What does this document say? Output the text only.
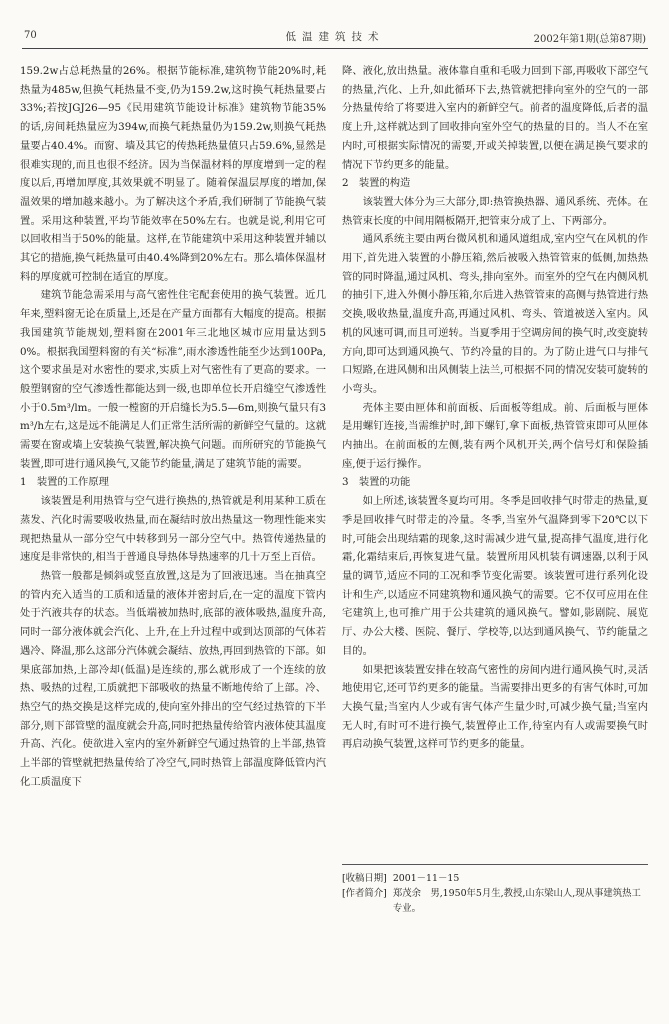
70	低温建筑技术	2002年第1期(总第87期)

159.2w占总耗热量的26%。根据节能标准,建筑物节能20%时,耗热量为485w,但换气耗热量不变,仍为159.2w,这时换气耗热量要占33%;若按JGJ26—95《民用建筑节能设计标准》建筑物节能35%的话,房间耗热量应为394w,而换气耗热量仍为159.2w,则换气耗热量要占40.4%。而窗、墙及其它的传热耗热量值只占59.6%,显然是很难实现的,而且也很不经济。因为当保温材料的厚度增到一定的程度以后,再增加厚度,其效果就不明显了。随着保温层厚度的增加,保温效果的增加越来越小。为了解决这个矛盾,我们研制了节能换气装置。采用这种装置,平均节能效率在50%左右。也就是说,利用它可以回收相当于50%的能量。这样,在节能建筑中采用这种装置并辅以其它的措施,换气耗热量可由40.4%降到20%左右。那么墙体保温材料的厚度就可控制在适宜的厚度。

建筑节能急需采用与高气密性住宅配套使用的换气装置。近几年来,塑料窗无论在质量上,还是在产量方面都有大幅度的提高。根据我国建筑节能规划,塑料窗在2001年三北地区城市应用量达到50%。根据我国塑料窗的有关“标准”,雨水渗透性能至少达到100Pa,这个要求虽是对水密性的要求,实质上对气密性有了更高的要求。一般塑钢窗的空气渗透性都能达到一级,也即单位长开启缝空气渗透性小于0.5m³/lm。一般一樘窗的开启缝长为5.5—6m,则换气量只有3m³/h左右,这是远不能满足人们正常生活所需的新鲜空气量的。这就需要在窗或墙上安装换气装置,解决换气问题。而所研究的节能换气装置,即可进行通风换气,又能节约能量,满足了建筑节能的需要。

1　装置的工作原理

该装置是利用热管与空气进行换热的,热管就是利用某种工质在蒸发、汽化时需要吸收热量,而在凝结时放出热量这一物理性能来实现把热量从一部分空气中转移到另一部分空气中。热管传递热量的速度是非常快的,相当于普通良导热体导热速率的几十万至上百倍。

热管一般都是倾斜或竖直放置,这是为了回液迅速。当在抽真空的管内充入适当的工质和适量的液体并密封后,在一定的温度下管内处于汽液共存的状态。当低端被加热时,底部的液体吸热,温度升高,同时一部分液体就会汽化、上升,在上升过程中或到达顶部的气体若遇冷、降温,那么这部分汽体就会凝结、放热,再回到热管的下部。如果底部加热,上部冷却(低温)是连续的,那么就形成了一个连续的放热、吸热的过程,工质就把下部吸收的热量不断地传给了上部。冷、热空气的热交换是这样完成的,使向室外排出的空气经过热管的下半部分,则下部管壁的温度就会升高,同时把热量传给管内液体使其温度升高、汽化。使欲进入室内的室外新鲜空气通过热管的上半部,热管上半部的管壁就把热量传给了冷空气,同时热管上部温度降低管内汽化工质温度下

降、液化,放出热量。液体靠自重和毛吸力回到下部,再吸收下部空气的热量,汽化、上升,如此循环下去,热管就把排向室外的空气的一部分热量传给了将要进入室内的新鲜空气。前者的温度降低,后者的温度上升,这样就达到了回收排向室外空气的热量的目的。当人不在室内时,可根据实际情况的需要,开或关掉装置,以便在满足换气要求的情况下节约更多的能量。

2　装置的构造

该装置大体分为三大部分,即:热管换热器、通风系统、壳体。在热管束长度的中间用隔板隔开,把管束分成了上、下两部分。

通风系统主要由两台微风机和通风道组成,室内空气在风机的作用下,首先进入装置的小静压箱,然后被吸入热管管束的低侧,加热热管的同时降温,通过风机、弯头,排向室外。而室外的空气在内侧风机的抽引下,进入外侧小静压箱,尔后进入热管管束的高侧与热管进行热交换,吸收热量,温度升高,再通过风机、弯头、管道被送入室内。风机的风速可调,而且可逆转。当夏季用于空调房间的换气时,改变旋转方向,即可达到通风换气、节约冷量的目的。为了防止进气口与排气口短路,在进风侧和出风侧装上法兰,可根据不同的情况安装可旋转的小弯头。

壳体主要由匣体和前面板、后面板等组成。前、后面板与匣体是用螺钉连接,当需维护时,卸下螺钉,拿下面板,热管管束即可从匣体内抽出。在前面板的左侧,装有两个风机开关,两个信号灯和保险插座,便于运行操作。

3　装置的功能

如上所述,该装置冬夏均可用。冬季是回收排气时带走的热量,夏季是回收排气时带走的冷量。冬季,当室外气温降到零下20℃以下时,可能会出现结霜的现象,这时需减少进气量,提高排气温度,进行化霜,化霜结束后,再恢复进气量。装置所用风机装有调速器,以利于风量的调节,适应不同的工况和季节变化需要。该装置可进行系列化设计和生产,以适应不同建筑物和通风换气的需要。它不仅可应用在住宅建筑上,也可推广用于公共建筑的通风换气。譬如,影剧院、展览厅、办公大楼、医院、餐厅、学校等,以达到通风换气、节约能量之目的。

如果把该装置安排在较高气密性的房间内进行通风换气时,灵活地使用它,还可节约更多的能量。当需要排出更多的有害气体时,可加大换气量;当室内人少或有害气体产生量少时,可减少换气量;当室内无人时,有时可不进行换气,装置停止工作,待室内有人或需要换气时再启动换气装置,这样可节约更多的能量。

[收稿日期] 2001－11－15
[作者简介] 郑茂余　男,1950年5月生,教授,山东梁山人,现从事建筑热工专业。
